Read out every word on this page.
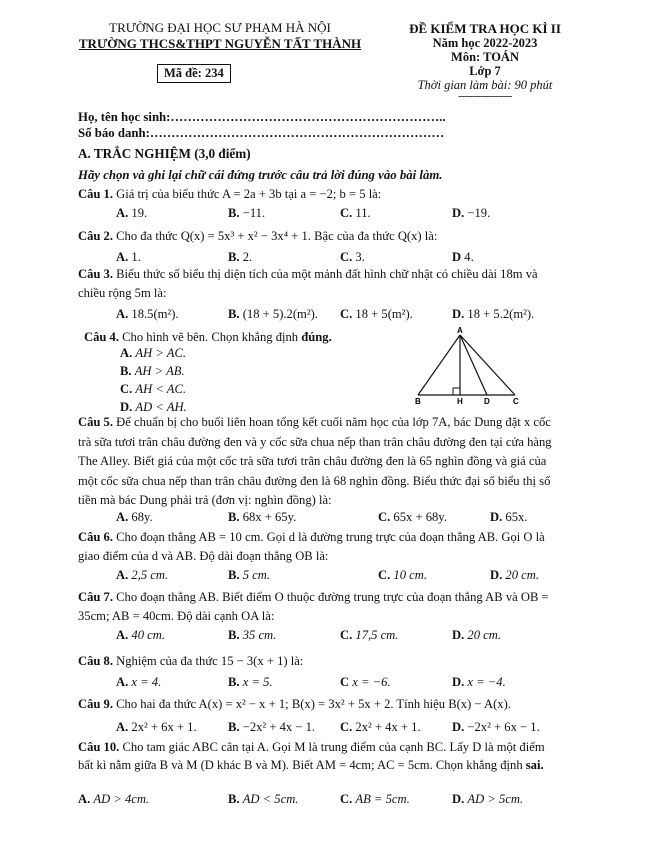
TRƯỜNG ĐẠI HỌC SƯ PHẠM HÀ NỘI
TRƯỜNG THCS&THPT NGUYỄN TẤT THÀNH
Mã đề: 234
ĐỀ KIỂM TRA HỌC KÌ II
Năm học 2022-2023
Môn: TOÁN
Lớp 7
Thời gian làm bài: 90 phút
-------------------
Họ, tên học sinh:………………………………………………………..
Số báo danh:……………………………………………………………
A. TRẮC NGHIỆM (3,0 điểm)
Hãy chọn và ghi lại chữ cái đứng trước câu trả lời đúng vào bài làm.
Câu 1. Giá trị của biểu thức A = 2a + 3b tại a = −2; b = 5 là:
A. 19.	B. −11.	C. 11.	D. −19.
Câu 2. Cho đa thức Q(x) = 5x³ + x² − 3x⁴ + 1. Bậc của đa thức Q(x) là:
A. 1.	B. 2.	C. 3.	D 4.
Câu 3. Biểu thức số biểu thị diện tích của một mảnh đất hình chữ nhật có chiều dài 18m và chiều rộng 5m là:
A. 18.5(m²).	B. (18 + 5).2(m²). C. 18 + 5(m²).	D. 18 + 5.2(m²).
Câu 4. Cho hình vẽ bên. Chọn khẳng định đúng.
A. AH > AC.
B. AH > AB.
C. AH < AC.
D. AD < AH.
A
B	H	D	C
Câu 5. Để chuẩn bị cho buổi liên hoan tổng kết cuối năm học của lớp 7A, bác Dung đặt x cốc trà sữa tươi trân châu đường đen và y cốc sữa chua nếp than trân châu đường đen tại cửa hàng The Alley. Biết giá của một cốc trà sữa tươi trân châu đường đen là 65 nghìn đồng và giá của một cốc sữa chua nếp than trân châu đường đen là 68 nghìn đồng. Biểu thức đại số biểu thị số tiền mà bác Dung phải trả (đơn vị: nghìn đồng) là:
A. 68y.	B. 68x + 65y.	C. 65x + 68y.	D. 65x.
Câu 6. Cho đoạn thẳng AB = 10 cm. Gọi d là đường trung trực của đoạn thẳng AB. Gọi O là giao điểm của d và AB. Độ dài đoạn thẳng OB là:
A. 2,5 cm.	B. 5 cm.	C. 10 cm.	D. 20 cm.
Câu 7. Cho đoạn thẳng AB. Biết điểm O thuộc đường trung trực của đoạn thẳng AB và OB = 35cm; AB = 40cm. Độ dài cạnh OA là:
A. 40 cm.	B. 35 cm.	C. 17,5 cm.	D. 20 cm.
Câu 8. Nghiệm của đa thức 15 − 3(x + 1) là:
A. x = 4.	B. x = 5.	C x = −6.	D. x = −4.
Câu 9. Cho hai đa thức A(x) = x² − x + 1; B(x) = 3x² + 5x + 2. Tính hiệu B(x) − A(x).
A. 2x² + 6x + 1. B. −2x² + 4x − 1. C. 2x² + 4x + 1. D. −2x² + 6x − 1.
Câu 10. Cho tam giác ABC cân tại A. Gọi M là trung điểm của cạnh BC. Lấy D là một điểm bất kì nằm giữa B và M (D khác B và M). Biết AM = 4cm; AC = 5cm. Chọn khẳng định sai.
A. AD > 4cm.	B. AD < 5cm.	C. AB = 5cm.	D. AD > 5cm.
